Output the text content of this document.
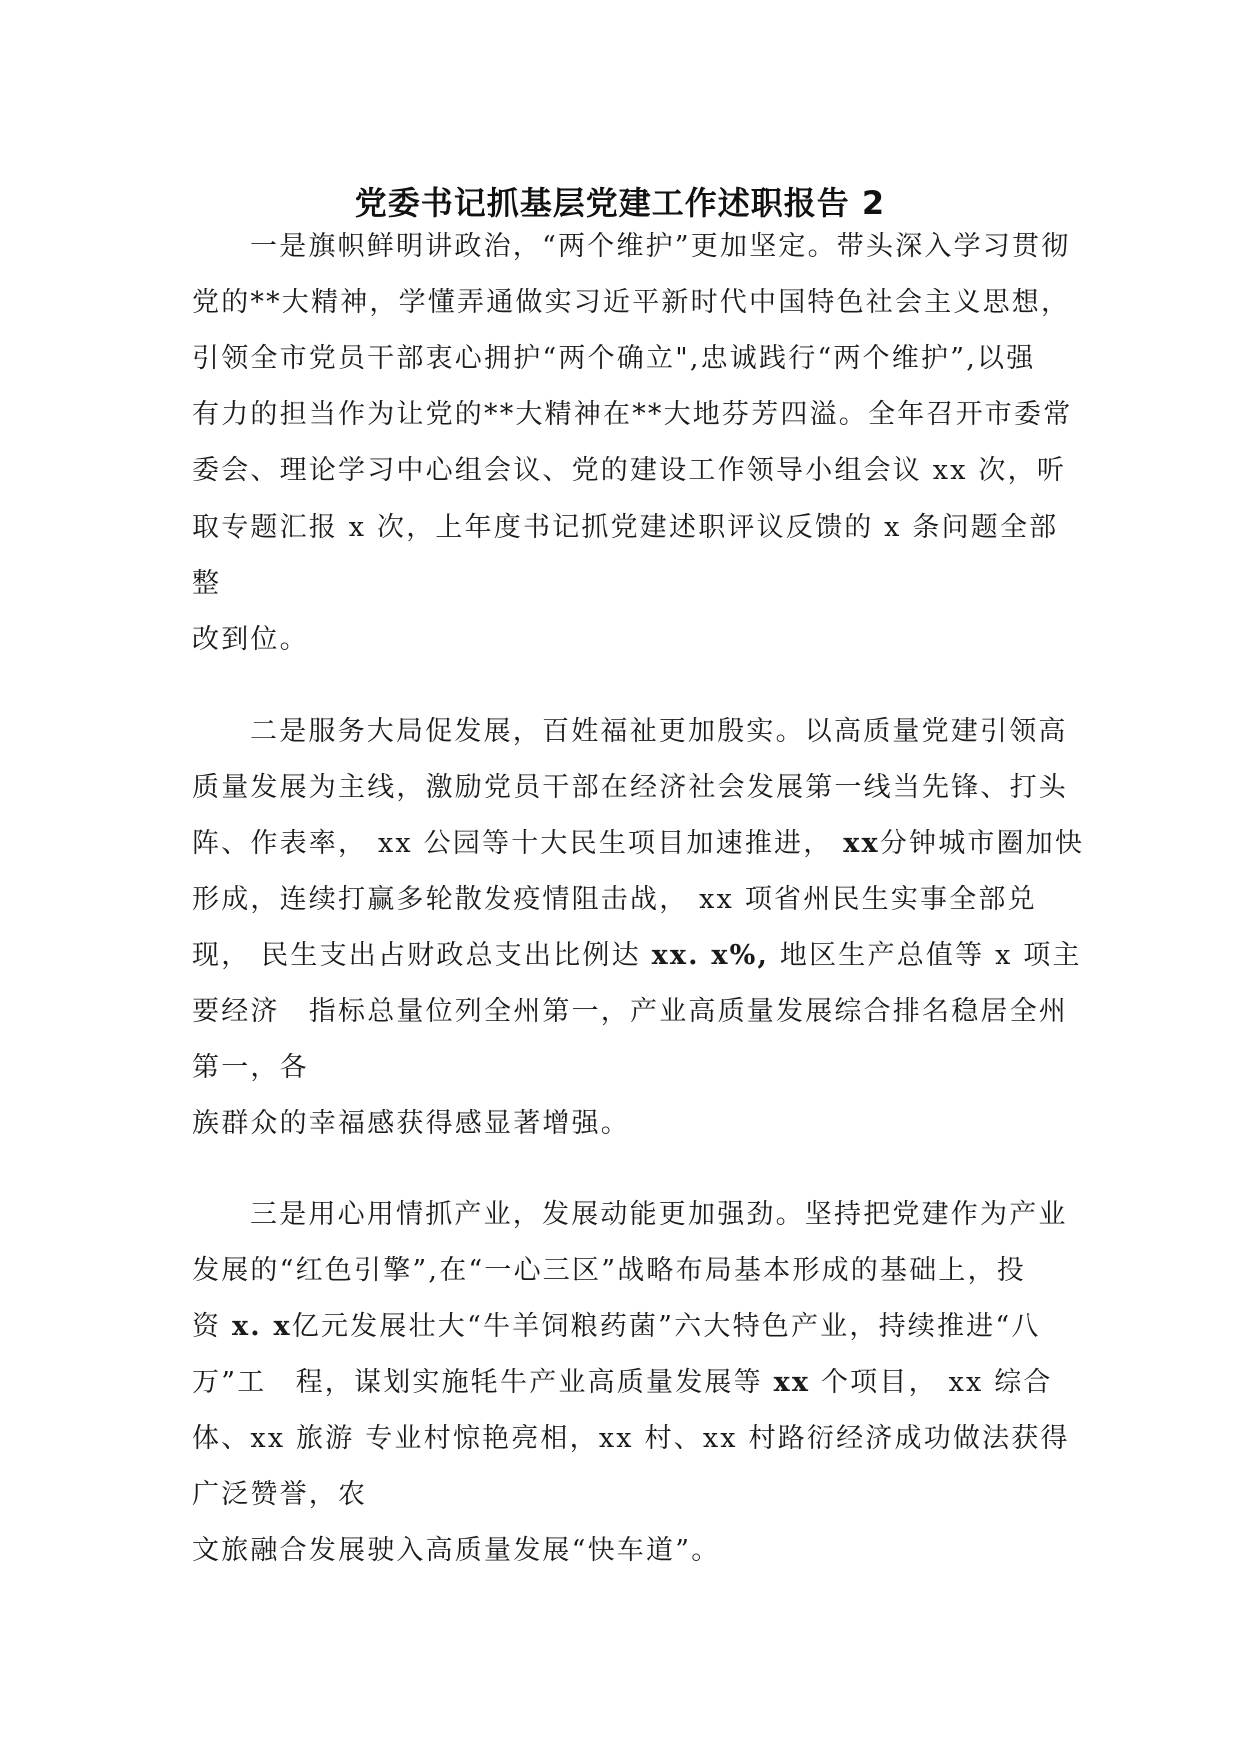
党委书记抓基层党建工作述职报告 2
一是旗帜鲜明讲政治，“两个维护”更加坚定。带头深入学习贯彻
党的**大精神，学懂弄通做实习近平新时代中国特色社会主义思想，
引领全市党员干部衷心拥护“两个确立",忠诚践行“两个维护”,以强
有力的担当作为让党的**大精神在**大地芬芳四溢。全年召开市委常
委会、理论学习中心组会议、党的建设工作领导小组会议 xx 次，听
取专题汇报 x 次，上年度书记抓党建述职评议反馈的 x 条问题全部
整
改到位。
二是服务大局促发展，百姓福祉更加殷实。以高质量党建引领高
质量发展为主线，激励党员干部在经济社会发展第一线当先锋、打头
阵、作表率， xx 公园等十大民生项目加速推进， xx分钟城市圈加快
形成，连续打赢多轮散发疫情阻击战， xx 项省州民生实事全部兑
现， 民生支出占财政总支出比例达 xx. x%, 地区生产总值等 x 项主
要经济　指标总量位列全州第一，产业高质量发展综合排名稳居全州
第一，各
族群众的幸福感获得感显著增强。
三是用心用情抓产业，发展动能更加强劲。坚持把党建作为产业
发展的“红色引擎”,在“一心三区”战略布局基本形成的基础上，投
资 x. x亿元发展壮大“牛羊饲粮药菌”六大特色产业，持续推进“八
万”工　程，谋划实施牦牛产业高质量发展等 xx 个项目， xx 综合
体、xx 旅游 专业村惊艳亮相，xx 村、xx 村路衍经济成功做法获得
广泛赞誉，农
文旅融合发展驶入高质量发展“快车道”。
